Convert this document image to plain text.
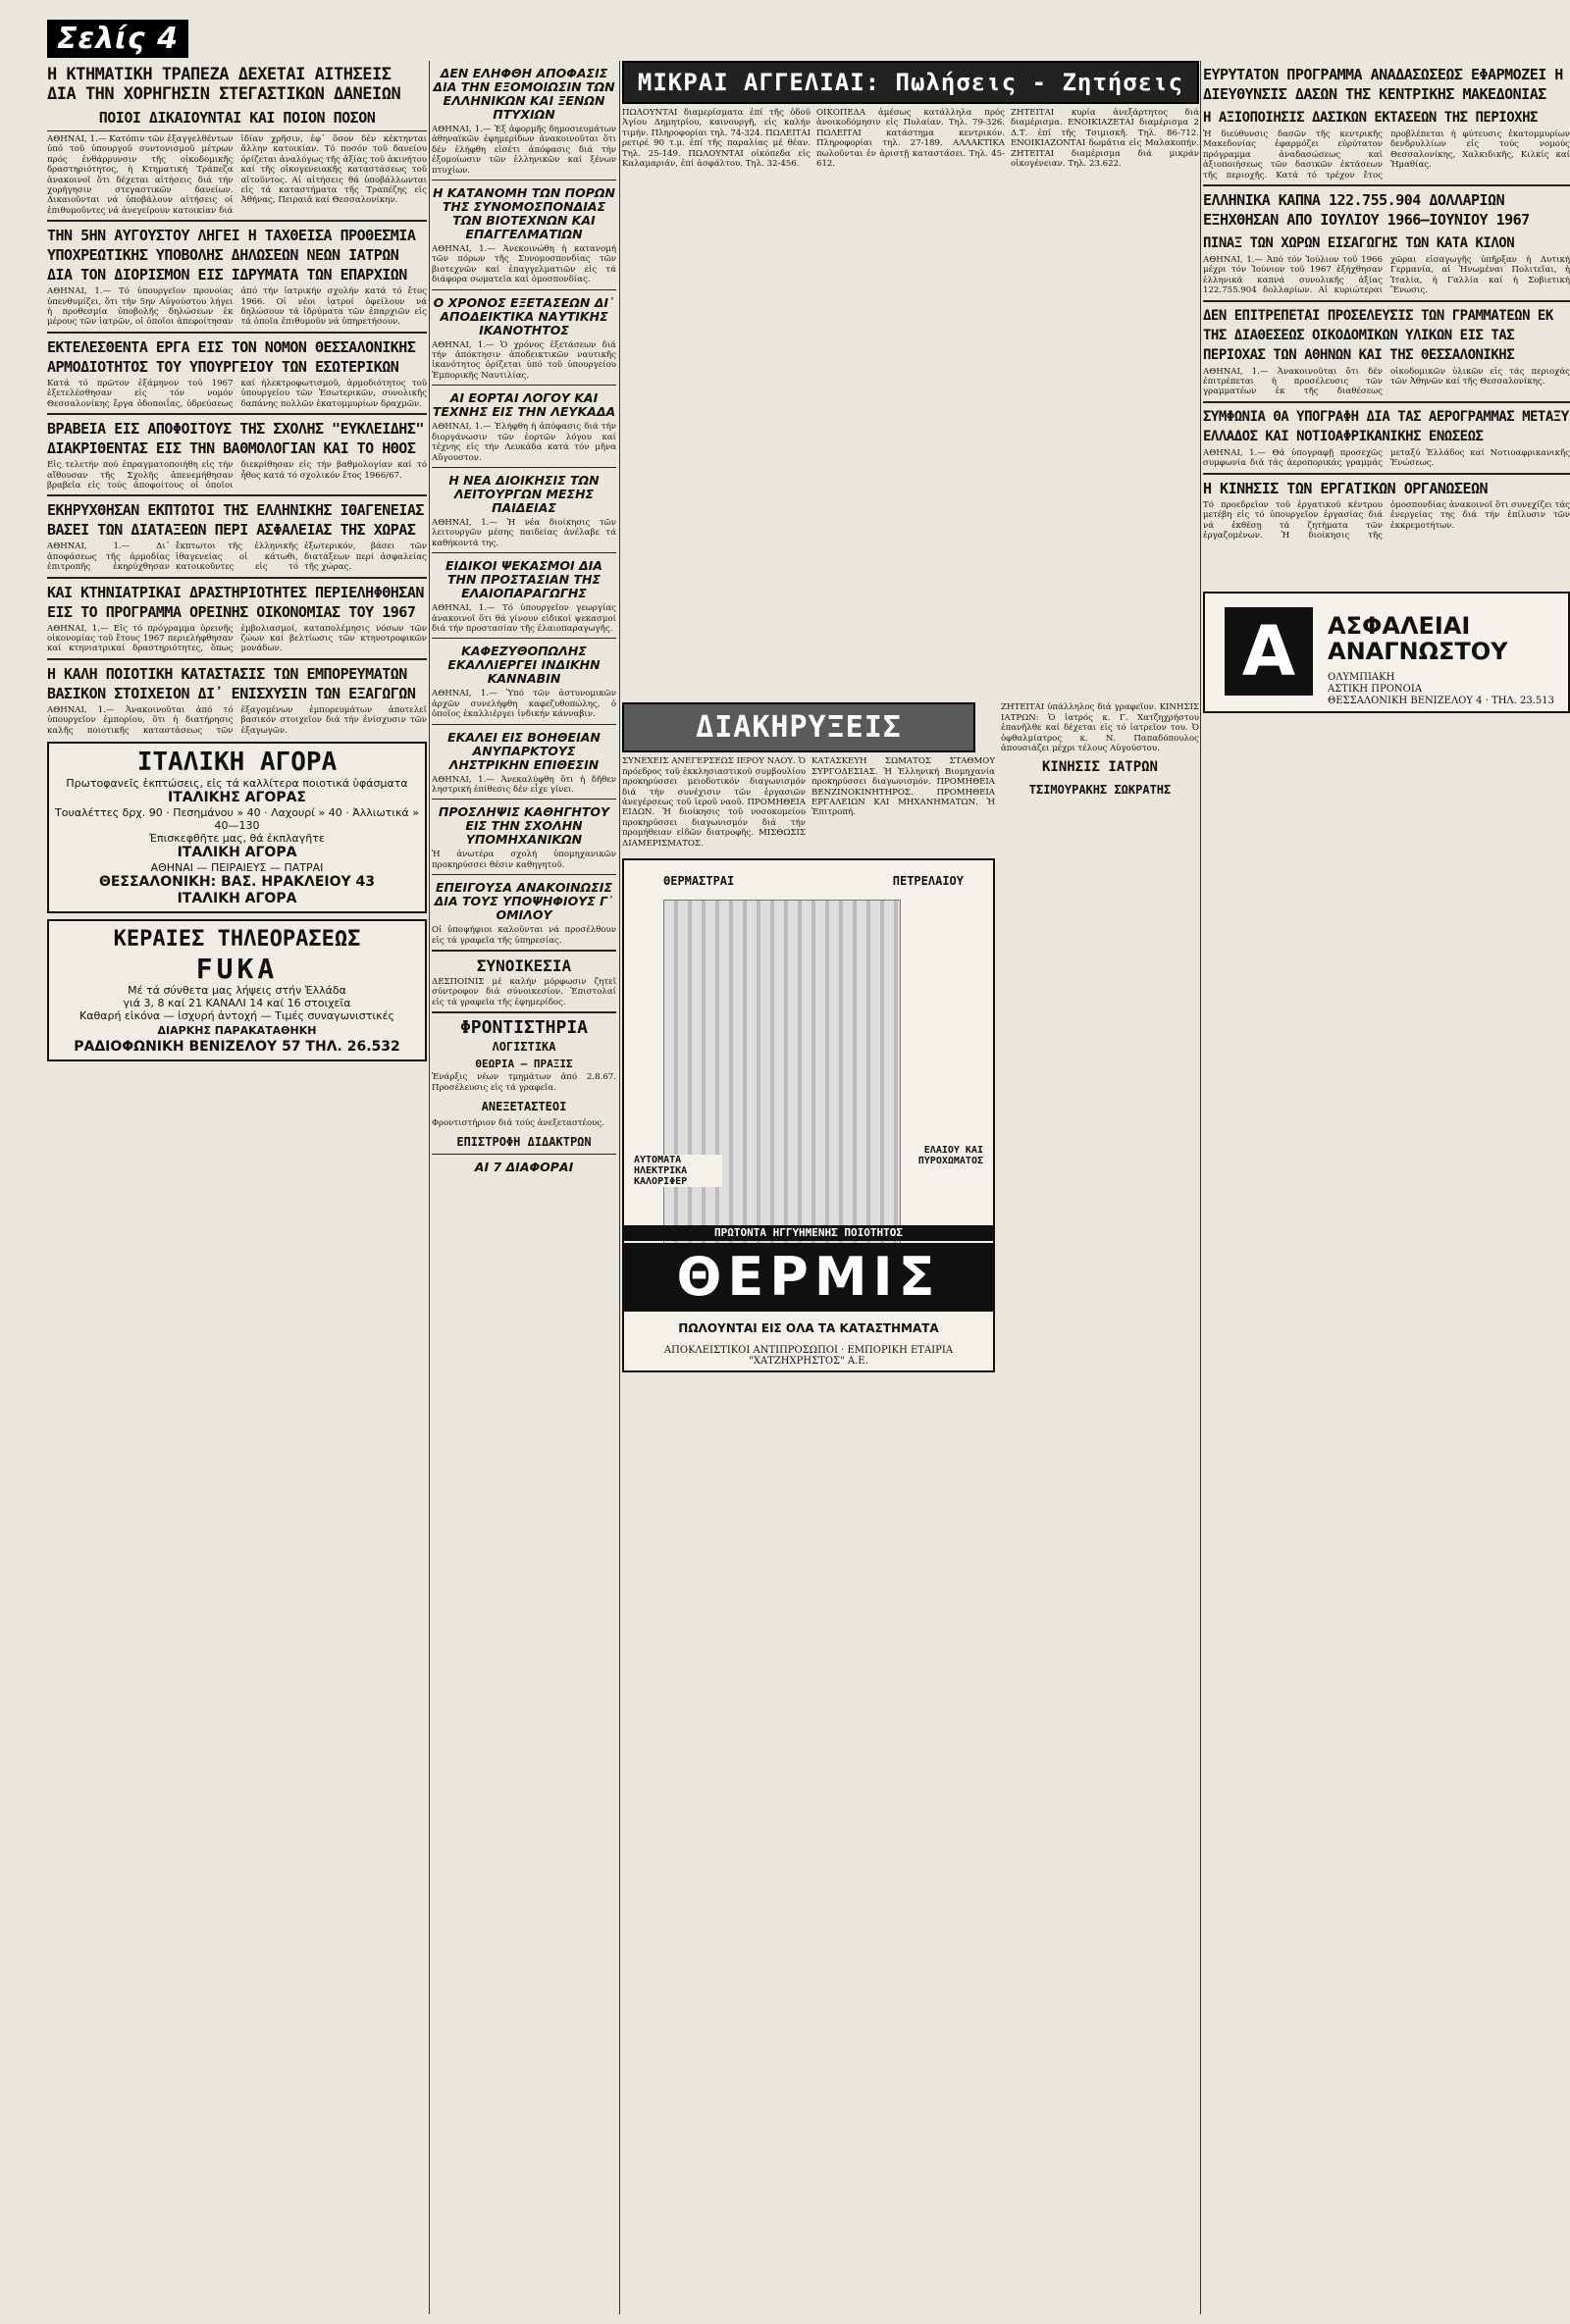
Σελίς 4
Η ΚΤΗΜΑΤΙΚΗ ΤΡΑΠΕΖΑ ΔΕΧΕΤΑΙ ΑΙΤΗΣΕΙΣ ΔΙΑ ΤΗΝ ΧΟΡΗΓΗΣΙΝ ΣΤΕΓΑΣΤΙΚΩΝ ΔΑΝΕΙΩΝ
ΠΟΙΟΙ ΔΙΚΑΙΟΥΝΤΑΙ ΚΑΙ ΠΟΙΟΝ ΠΟΣΟΝ

ΑΘΗΝΑΙ, 1.— Κατόπιν τῶν ἐξαγγελθέντων ὑπό τοῦ ὑπουργοῦ συντονισμοῦ μέτρων πρός ἐνθάρρυνσιν τῆς οἰκοδομικῆς δραστηριότητος, ἡ Κτηματική Τράπεζα ἀνακοινοῖ ὅτι δέχεται αἰτήσεις διά τήν χορήγησιν στεγαστικῶν δανείων. Δικαιοῦνται νά ὑποβάλουν αἰτήσεις οἱ ἐπιθυμοῦντες νά ἀνεγείρουν κατοικίαν διά ἰδίαν χρῆσιν, ἐφ᾽ ὅσον δέν κέκτηνται ἄλλην κατοικίαν. Τό ποσόν τοῦ δανείου ὁρίζεται ἀναλόγως τῆς ἀξίας τοῦ ἀκινήτου καί τῆς οἰκογενειακῆς καταστάσεως τοῦ αἰτοῦντος. Αἱ αἰτήσεις θά ὑποβάλλωνται εἰς τά καταστήματα τῆς Τραπέζης εἰς Ἀθήνας, Πειραιᾶ καί Θεσσαλονίκην.

ΤΗΝ 5ΗΝ ΑΥΓΟΥΣΤΟΥ ΛΗΓΕΙ Η ΤΑΧΘΕΙΣΑ ΠΡΟΘΕΣΜΙΑ ΥΠΟΧΡΕΩΤΙΚΗΣ ΥΠΟΒΟΛΗΣ ΔΗΛΩΣΕΩΝ ΝΕΩΝ ΙΑΤΡΩΝ ΔΙΑ ΤΟΝ ΔΙΟΡΙΣΜΟΝ ΕΙΣ ΙΔΡΥΜΑΤΑ ΤΩΝ ΕΠΑΡΧΙΩΝ

ΑΘΗΝΑΙ, 1.— Τό ὑπουργεῖον προνοίας ὑπενθυμίζει, ὅτι τήν 5ην Αὐγούστου λήγει ἡ προθεσμία ὑποβολῆς δηλώσεων ἐκ μέρους τῶν ἰατρῶν, οἱ ὁποῖοι ἀπεφοίτησαν ἀπό τήν ἰατρικήν σχολήν κατά τό ἔτος 1966. Οἱ νέοι ἰατροί ὀφείλουν νά δηλώσουν τά ἰδρύματα τῶν ἐπαρχιῶν εἰς τά ὁποῖα ἐπιθυμοῦν νά ὑπηρετήσουν.

ΕΚΤΕΛΕΣΘΕΝΤΑ ΕΡΓΑ ΕΙΣ ΤΟΝ ΝΟΜΟΝ ΘΕΣΣΑΛΟΝΙΚΗΣ ΑΡΜΟΔΙΟΤΗΤΟΣ ΤΟΥ ΥΠΟΥΡΓΕΙΟΥ ΤΩΝ ΕΣΩΤΕΡΙΚΩΝ

Κατά τό πρῶτον ἑξάμηνον τοῦ 1967 ἐξετελέσθησαν εἰς τόν νομόν Θεσσαλονίκης ἔργα ὁδοποιΐας, ὑδρεύσεως καί ἠλεκτροφωτισμοῦ, ἀρμοδιότητος τοῦ ὑπουργείου τῶν Ἐσωτερικῶν, συνολικῆς δαπάνης πολλῶν ἑκατομμυρίων δραχμῶν.

ΒΡΑΒΕΙΑ ΕΙΣ ΑΠΟΦΟΙΤΟΥΣ ΤΗΣ ΣΧΟΛΗΣ "ΕΥΚΛΕΙΔΗΣ" ΔΙΑΚΡΙΘΕΝΤΑΣ ΕΙΣ ΤΗΝ ΒΑΘΜΟΛΟΓΙΑΝ ΚΑΙ ΤΟ ΗΘΟΣ

Εἰς τελετήν πού ἐπραγματοποιήθη εἰς τήν αἴθουσαν τῆς Σχολῆς ἀπενεμήθησαν βραβεῖα εἰς τούς ἀποφοίτους οἱ ὁποῖοι διεκρίθησαν εἰς τήν βαθμολογίαν καί τό ἦθος κατά τό σχολικόν ἔτος 1966/67.

ΕΚΗΡΥΧΘΗΣΑΝ ΕΚΠΤΩΤΟΙ ΤΗΣ ΕΛΛΗΝΙΚΗΣ ΙΘΑΓΕΝΕΙΑΣ ΒΑΣΕΙ ΤΩΝ ΔΙΑΤΑΞΕΩΝ ΠΕΡΙ ΑΣΦΑΛΕΙΑΣ ΤΗΣ ΧΩΡΑΣ

ΑΘΗΝΑΙ, 1.— Δι᾽ ἀποφάσεως τῆς ἁρμοδίας ἐπιτροπῆς ἐκηρύχθησαν ἔκπτωτοι τῆς ἑλληνικῆς ἰθαγενείας οἱ κάτωθι, κατοικοῦντες εἰς τό ἐξωτερικόν, βάσει τῶν διατάξεων περί ἀσφαλείας τῆς χώρας.

ΚΑΙ ΚΤΗΝΙΑΤΡΙΚΑΙ ΔΡΑΣΤΗΡΙΟΤΗΤΕΣ ΠΕΡΙΕΛΗΦΘΗΣΑΝ ΕΙΣ ΤΟ ΠΡΟΓΡΑΜΜΑ ΟΡΕΙΝΗΣ ΟΙΚΟΝΟΜΙΑΣ ΤΟΥ 1967

ΑΘΗΝΑΙ, 1.— Εἰς τό πρόγραμμα ὀρεινῆς οἰκονομίας τοῦ ἔτους 1967 περιελήφθησαν καί κτηνιατρικαί δραστηριότητες, ὅπως ἐμβολιασμοί, καταπολέμησις νόσων τῶν ζώων καί βελτίωσις τῶν κτηνοτροφικῶν μονάδων.

Η ΚΑΛΗ ΠΟΙΟΤΙΚΗ ΚΑΤΑΣΤΑΣΙΣ ΤΩΝ ΕΜΠΟΡΕΥΜΑΤΩΝ ΒΑΣΙΚΟΝ ΣΤΟΙΧΕΙΟΝ ΔΙ᾽ ΕΝΙΣΧΥΣΙΝ ΤΩΝ ΕΞΑΓΩΓΩΝ

ΑΘΗΝΑΙ, 1.— Ἀνακοινοῦται ἀπό τό ὑπουργεῖον ἐμπορίου, ὅτι ἡ διατήρησις καλῆς ποιοτικῆς καταστάσεως τῶν ἐξαγομένων ἐμπορευμάτων ἀποτελεῖ βασικόν στοιχεῖον διά τήν ἐνίσχυσιν τῶν ἐξαγωγῶν.

ΙΤΑΛΙΚΗ ΑΓΟΡΑ
Πρωτοφανεῖς ἐκπτώσεις, εἰς τά καλλίτερα ποιοτικά ὑφάσματα
ΙΤΑΛΙΚΗΣ ΑΓΟΡΑΣ
Τουαλέττες δρχ. 90 · Πεσημάνου » 40 · Λαχουρί » 40 · Ἀλλιωτικά » 40—130
Ἐπισκεφθῆτε μας, θά ἐκπλαγῆτε
ΙΤΑΛΙΚΗ ΑΓΟΡΑ
ΑΘΗΝΑΙ — ΠΕΙΡΑΙΕΥΣ — ΠΑΤΡΑΙ
ΘΕΣΣΑΛΟΝΙΚΗ: ΒΑΣ. ΗΡΑΚΛΕΙΟΥ 43
ΙΤΑΛΙΚΗ ΑΓΟΡΑ
ΚΕΡΑΙΕΣ ΤΗΛΕΟΡΑΣΕΩΣ
FUKA
Μέ τά σύνθετα μας λήψεις στήν Ἑλλάδα
γιά 3, 8 καί 21 ΚΑΝΑΛΙ 14 καί 16 στοιχεῖα
Καθαρή εἰκόνα — ἰσχυρή ἀντοχή — Τιμές συναγωνιστικές
ΔΙΑΡΚΗΣ ΠΑΡΑΚΑΤΑΘΗΚΗ
ΡΑΔΙΟΦΩΝΙΚΗ ΒΕΝΙΖΕΛΟΥ 57 ΤΗΛ. 26.532
ΔΕΝ ΕΛΗΦΘΗ ΑΠΟΦΑΣΙΣ ΔΙΑ ΤΗΝ ΕΞΟΜΟΙΩΣΙΝ ΤΩΝ ΕΛΛΗΝΙΚΩΝ ΚΑΙ ΞΕΝΩΝ ΠΤΥΧΙΩΝ

ΑΘΗΝΑΙ, 1.— Ἐξ ἀφορμῆς δημοσιευμάτων ἀθηναϊκῶν ἐφημερίδων ἀνακοινοῦται ὅτι δέν ἐλήφθη εἰσέτι ἀπόφασις διά τήν ἐξομοίωσιν τῶν ἑλληνικῶν καί ξένων πτυχίων.

Η ΚΑΤΑΝΟΜΗ ΤΩΝ ΠΟΡΩΝ ΤΗΣ ΣΥΝΟΜΟΣΠΟΝΔΙΑΣ ΤΩΝ ΒΙΟΤΕΧΝΩΝ ΚΑΙ ΕΠΑΓΓΕΛΜΑΤΙΩΝ

ΑΘΗΝΑΙ, 1.— Ἀνεκοινώθη ἡ κατανομή τῶν πόρων τῆς Συνομοσπονδίας τῶν βιοτεχνῶν καί ἐπαγγελματιῶν εἰς τά διάφορα σωματεῖα καί ὁμοσπονδίας.

Ο ΧΡΟΝΟΣ ΕΞΕΤΑΣΕΩΝ ΔΙ᾽ ΑΠΟΔΕΙΚΤΙΚΑ ΝΑΥΤΙΚΗΣ ΙΚΑΝΟΤΗΤΟΣ

ΑΘΗΝΑΙ, 1.— Ὁ χρόνος ἐξετάσεων διά τήν ἀπόκτησιν ἀποδεικτικῶν ναυτικῆς ἱκανότητος ὁρίζεται ὑπό τοῦ ὑπουργείου Ἐμπορικῆς Ναυτιλίας.

ΑΙ ΕΟΡΤΑΙ ΛΟΓΟΥ ΚΑΙ ΤΕΧΝΗΣ ΕΙΣ ΤΗΝ ΛΕΥΚΑΔΑ

ΑΘΗΝΑΙ, 1.— Ἐλήφθη ἡ ἀπόφασις διά τήν διοργάνωσιν τῶν ἑορτῶν λόγου καί τέχνης εἰς τήν Λευκάδα κατά τόν μῆνα Αὔγουστον.

Η ΝΕΑ ΔΙΟΙΚΗΣΙΣ ΤΩΝ ΛΕΙΤΟΥΡΓΩΝ ΜΕΣΗΣ ΠΑΙΔΕΙΑΣ

ΑΘΗΝΑΙ, 1.— Ἡ νέα διοίκησις τῶν λειτουργῶν μέσης παιδείας ἀνέλαβε τά καθήκοντά της.

ΕΙΔΙΚΟΙ ΨΕΚΑΣΜΟΙ ΔΙΑ ΤΗΝ ΠΡΟΣΤΑΣΙΑΝ ΤΗΣ ΕΛΑΙΟΠΑΡΑΓΩΓΗΣ

ΑΘΗΝΑΙ, 1.— Τό ὑπουργεῖον γεωργίας ἀνακοινοῖ ὅτι θά γίνουν εἰδικοί ψεκασμοί διά τήν προστασίαν τῆς ἐλαιοπαραγωγῆς.

ΚΑΦΕΖΥΘΟΠΩΛΗΣ ΕΚΑΛΛΙΕΡΓΕΙ ΙΝΔΙΚΗΝ ΚΑΝΝΑΒΙΝ

ΑΘΗΝΑΙ, 1.— Ὑπό τῶν ἀστυνομικῶν ἀρχῶν συνελήφθη καφεζυθοπώλης, ὁ ὁποῖος ἐκαλλιέργει ἰνδικήν κάνναβιν.

ΕΚΑΛΕΙ ΕΙΣ ΒΟΗΘΕΙΑΝ ΑΝΥΠΑΡΚΤΟΥΣ ΛΗΣΤΡΙΚΗΝ ΕΠΙΘΕΣΙΝ

ΑΘΗΝΑΙ, 1.— Ἀνεκαλύφθη ὅτι ἡ δῆθεν ληστρική ἐπίθεσις δέν εἶχε γίνει.

ΠΡΟΣΛΗΨΙΣ ΚΑΘΗΓΗΤΟΥ ΕΙΣ ΤΗΝ ΣΧΟΛΗΝ ΥΠΟΜΗΧΑΝΙΚΩΝ

Ἡ ἀνωτέρα σχολή ὑπομηχανικῶν προκηρύσσει θέσιν καθηγητοῦ.

ΕΠΕΙΓΟΥΣΑ ΑΝΑΚΟΙΝΩΣΙΣ ΔΙΑ ΤΟΥΣ ΥΠΟΨΗΦΙΟΥΣ Γ᾽ ΟΜΙΛΟΥ

Οἱ ὑποψήφιοι καλοῦνται νά προσέλθουν εἰς τά γραφεῖα τῆς ὑπηρεσίας.

ΣΥΝΟΙΚΕΣΙΑ

ΔΕΣΠΟΙΝΙΣ μέ καλήν μόρφωσιν ζητεῖ σύντροφον διά σύνοικεσίον. Ἐπιστολαί εἰς τά γραφεῖα τῆς ἐφημερίδος.

ΦΡΟΝΤΙΣΤΗΡΙΑ
ΛΟΓΙΣΤΙΚΑ
ΘΕΩΡΙΑ — ΠΡΑΞΙΣ

Ἐνάρξις νέων τμημάτων ἀπό 2.8.67. Προσέλευσις εἰς τά γραφεῖα.

ΑΝΕΞΕΤΑΣΤΕΟΙ

Φροντιστήριον διά τούς ἀνεξεταστέους.

ΕΠΙΣΤΡΟΦΗ ΔΙΔΑΚΤΡΩΝ
ΑΙ 7 ΔΙΑΦΟΡΑΙ
ΜΙΚΡΑΙ ΑΓΓΕΛΙΑΙ: Πωλήσεις - Ζητήσεις

ΠΩΛΟΥΝΤΑΙ διαμερίσματα ἐπί τῆς ὁδοῦ Ἀγίου Δημητρίου, καινουργῆ, εἰς καλήν τιμήν. Πληροφορίαι τηλ. 74-324. ΠΩΛΕΙΤΑΙ ρετιρέ 90 τ.μ. ἐπί τῆς παραλίας μέ θέαν. Τηλ. 25-149. ΠΩΛΟΥΝΤΑΙ οἰκόπεδα εἰς Καλαμαριάν, ἐπί ἀσφάλτου. Τηλ. 32-456.

ΟΙΚΟΠΕΔΑ ἀμέσως κατάλληλα πρός ἀνοικοδόμησιν εἰς Πυλαίαν. Τηλ. 79-326. ΠΩΛΕΙΤΑΙ κατάστημα κεντρικόν. Πληροφορίαι τηλ. 27-189. ΑΛΛΑΚΤΙΚΑ πωλοῦνται ἐν ἀριστῇ καταστάσει. Τηλ. 45-612.

ΖΗΤΕΙΤΑΙ κυρία ἀνεξάρτητος διά διαμέρισμα. ΕΝΟΙΚΙΑΖΕΤΑΙ διαμέρισμα 2 Δ.Τ. ἐπί τῆς Τσιμισκῆ. Τηλ. 86-712. ΕΝΟΙΚΙΑΖΟΝΤΑΙ δωμάτια εἰς Μαλακοπήν. ΖΗΤΕΙΤΑΙ διαμέρισμα διά μικράν οἰκογένειαν. Τηλ. 23.622.

ΔΙΑΚΗΡΥΞΕΙΣ

ΣΥΝΕΧΕΙΣ ΑΝΕΓΕΡΣΕΩΣ ΙΕΡΟΥ ΝΑΟΥ. Ὁ πρόεδρος τοῦ ἐκκλησιαστικοῦ συμβουλίου προκηρύσσει μειοδοτικόν διαγωνισμόν διά τήν συνέχισιν τῶν ἐργασιῶν ἀνεγέρσεως τοῦ ἱεροῦ ναοῦ. ΠΡΟΜΗΘΕΙΑ ΕΙΔΩΝ. Ἡ διοίκησις τοῦ νοσοκομείου προκηρύσσει διαγωνισμόν διά τήν προμήθειαν εἰδῶν διατροφῆς. ΜΙΣΘΩΣΙΣ ΔΙΑΜΕΡΙΣΜΑΤΟΣ.

ΚΑΤΑΣΚΕΥΗ ΣΩΜΑΤΟΣ ΣΤΑΘΜΟΥ ΣΥΡΓΟΔΕΣΙΑΣ. Ἡ Ἑλληνική Βιομηχανία προκηρύσσει διαγωνισμόν. ΠΡΟΜΗΘΕΙΑ ΒΕΝΖΙΝΟΚΙΝΗΤΗΡΟΣ. ΠΡΟΜΗΘΕΙΑ ΕΡΓΑΛΕΙΩΝ ΚΑΙ ΜΗΧΑΝΗΜΑΤΩΝ. Ἡ Ἐπιτροπή.

ΘΕΡΜΑΣΤΡΑΙ	ΠΕΤΡΕΛΑΙΟΥ
ΑΥΤΟΜΑΤΑ ΗΛΕΚΤΡΙΚΑ ΚΑΛΟΡΙΦΕΡ
ΕΛΑΙΟΥ ΚΑΙ ΠΥΡΟΧΩΜΑΤΟΣ
ΠΡΩΤΟΝΤΑ ΗΓΓΥΗΜΕΝΗΣ ΠΟΙΟΤΗΤΟΣ
ΘΕΡΜΙΣ
ΠΩΛΟΥΝΤΑΙ ΕΙΣ ΟΛΑ ΤΑ ΚΑΤΑΣΤΗΜΑΤΑ
ΑΠΟΚΛΕΙΣΤΙΚΟΙ ΑΝΤΙΠΡΟΣΩΠΟΙ · ΕΜΠΟΡΙΚΗ ΕΤΑΙΡΙΑ "ΧΑΤΖΗΧΡΗΣΤΟΣ" Α.Ε.

ΖΗΤΕΙΤΑΙ ὑπάλληλος διά γραφεῖον. ΚΙΝΗΣΙΣ ΙΑΤΡΩΝ: Ὁ ἰατρός κ. Γ. Χατζηχρήστου ἐπανῆλθε καί δέχεται εἰς τό ἰατρεῖον του. Ὁ ὀφθαλμίατρος κ. Ν. Παπαδόπουλος ἀπουσιάζει μέχρι τέλους Αὐγούστου.

ΚΙΝΗΣΙΣ ΙΑΤΡΩΝ
ΤΣΙΜΟΥΡΑΚΗΣ ΣΩΚΡΑΤΗΣ
ΕΥΡΥΤΑΤΟΝ ΠΡΟΓΡΑΜΜΑ ΑΝΑΔΑΣΩΣΕΩΣ ΕΦΑΡΜΟΖΕΙ Η ΔΙΕΥΘΥΝΣΙΣ ΔΑΣΩΝ ΤΗΣ ΚΕΝΤΡΙΚΗΣ ΜΑΚΕΔΟΝΙΑΣ
Η ΑΞΙΟΠΟΙΗΣΙΣ ΔΑΣΙΚΩΝ ΕΚΤΑΣΕΩΝ ΤΗΣ ΠΕΡΙΟΧΗΣ

Ἡ διεύθυνσις δασῶν τῆς κεντρικῆς Μακεδονίας ἐφαρμόζει εὐρύτατον πρόγραμμα ἀναδασώσεως καί ἀξιοποιήσεως τῶν δασικῶν ἐκτάσεων τῆς περιοχῆς. Κατά τό τρέχον ἔτος προβλέπεται ἡ φύτευσις ἑκατομμυρίων δενδρυλλίων εἰς τούς νομούς Θεσσαλονίκης, Χαλκιδικῆς, Κιλκίς καί Ἡμαθίας.

ΕΛΛΗΝΙΚΑ ΚΑΠΝΑ 122.755.904 ΔΟΛΛΑΡΙΩΝ ΕΞΗΧΘΗΣΑΝ ΑΠΟ ΙΟΥΛΙΟΥ 1966—ΙΟΥΝΙΟΥ 1967
ΠΙΝΑΞ ΤΩΝ ΧΩΡΩΝ ΕΙΣΑΓΩΓΗΣ ΤΩΝ ΚΑΤΑ ΚΙΛΟΝ

ΑΘΗΝΑΙ, 1.— Ἀπό τόν Ἰούλιον τοῦ 1966 μέχρι τόν Ἰούνιον τοῦ 1967 ἐξήχθησαν ἑλληνικά καπνά συνολικῆς ἀξίας 122.755.904 δολλαρίων. Αἱ κυριώτεραι χῶραι εἰσαγωγῆς ὑπῆρξαν ἡ Δυτική Γερμανία, αἱ Ἡνωμέναι Πολιτεῖαι, ἡ Ἰταλία, ἡ Γαλλία καί ἡ Σοβιετική Ἕνωσις.

ΔΕΝ ΕΠΙΤΡΕΠΕΤΑΙ ΠΡΟΣΕΛΕΥΣΙΣ ΤΩΝ ΓΡΑΜΜΑΤΕΩΝ ΕΚ ΤΗΣ ΔΙΑΘΕΣΕΩΣ ΟΙΚΟΔΟΜΙΚΩΝ ΥΛΙΚΩΝ ΕΙΣ ΤΑΣ ΠΕΡΙΟΧΑΣ ΤΩΝ ΑΘΗΝΩΝ ΚΑΙ ΤΗΣ ΘΕΣΣΑΛΟΝΙΚΗΣ

ΑΘΗΝΑΙ, 1.— Ἀνακοινοῦται ὅτι δέν ἐπιτρέπεται ἡ προσέλευσις τῶν γραμματέων ἐκ τῆς διαθέσεως οἰκοδομικῶν ὑλικῶν εἰς τάς περιοχάς τῶν Ἀθηνῶν καί τῆς Θεσσαλονίκης.

ΣΥΜΦΩΝΙΑ ΘΑ ΥΠΟΓΡΑΦΗ ΔΙΑ ΤΑΣ ΑΕΡΟΓΡΑΜΜΑΣ ΜΕΤΑΞΥ ΕΛΛΑΔΟΣ ΚΑΙ ΝΟΤΙΟΑΦΡΙΚΑΝΙΚΗΣ ΕΝΩΣΕΩΣ

ΑΘΗΝΑΙ, 1.— Θά ὑπογραφῇ προσεχῶς συμφωνία διά τάς ἀεροπορικάς γραμμάς μεταξύ Ἑλλάδος καί Νοτιοαφρικανικῆς Ἑνώσεως.

Η ΚΙΝΗΣΙΣ ΤΩΝ ΕΡΓΑΤΙΚΩΝ ΟΡΓΑΝΩΣΕΩΝ

Τό προεδρεῖον τοῦ ἐργατικοῦ κέντρου μετέβη εἰς τό ὑπουργεῖον ἐργασίας διά νά ἐκθέσῃ τά ζητήματα τῶν ἐργαζομένων. Ἡ διοίκησις τῆς ὁμοσπονδίας ἀνακοινοῖ ὅτι συνεχίζει τάς ἐνεργείας της διά τήν ἐπίλυσιν τῶν ἐκκρεμοτήτων.

Α	ΑΣΦΑΛΕΙΑΙ
ΑΝΑΓΝΩΣΤΟΥ
ΟΛΥΜΠΙΑΚΗ
ΑΣΤΙΚΗ ΠΡΟΝΟΙΑ
ΘΕΣΣΑΛΟΝΙΚΗ ΒΕΝΙΖΕΛΟΥ 4 · ΤΗΛ. 23.513
